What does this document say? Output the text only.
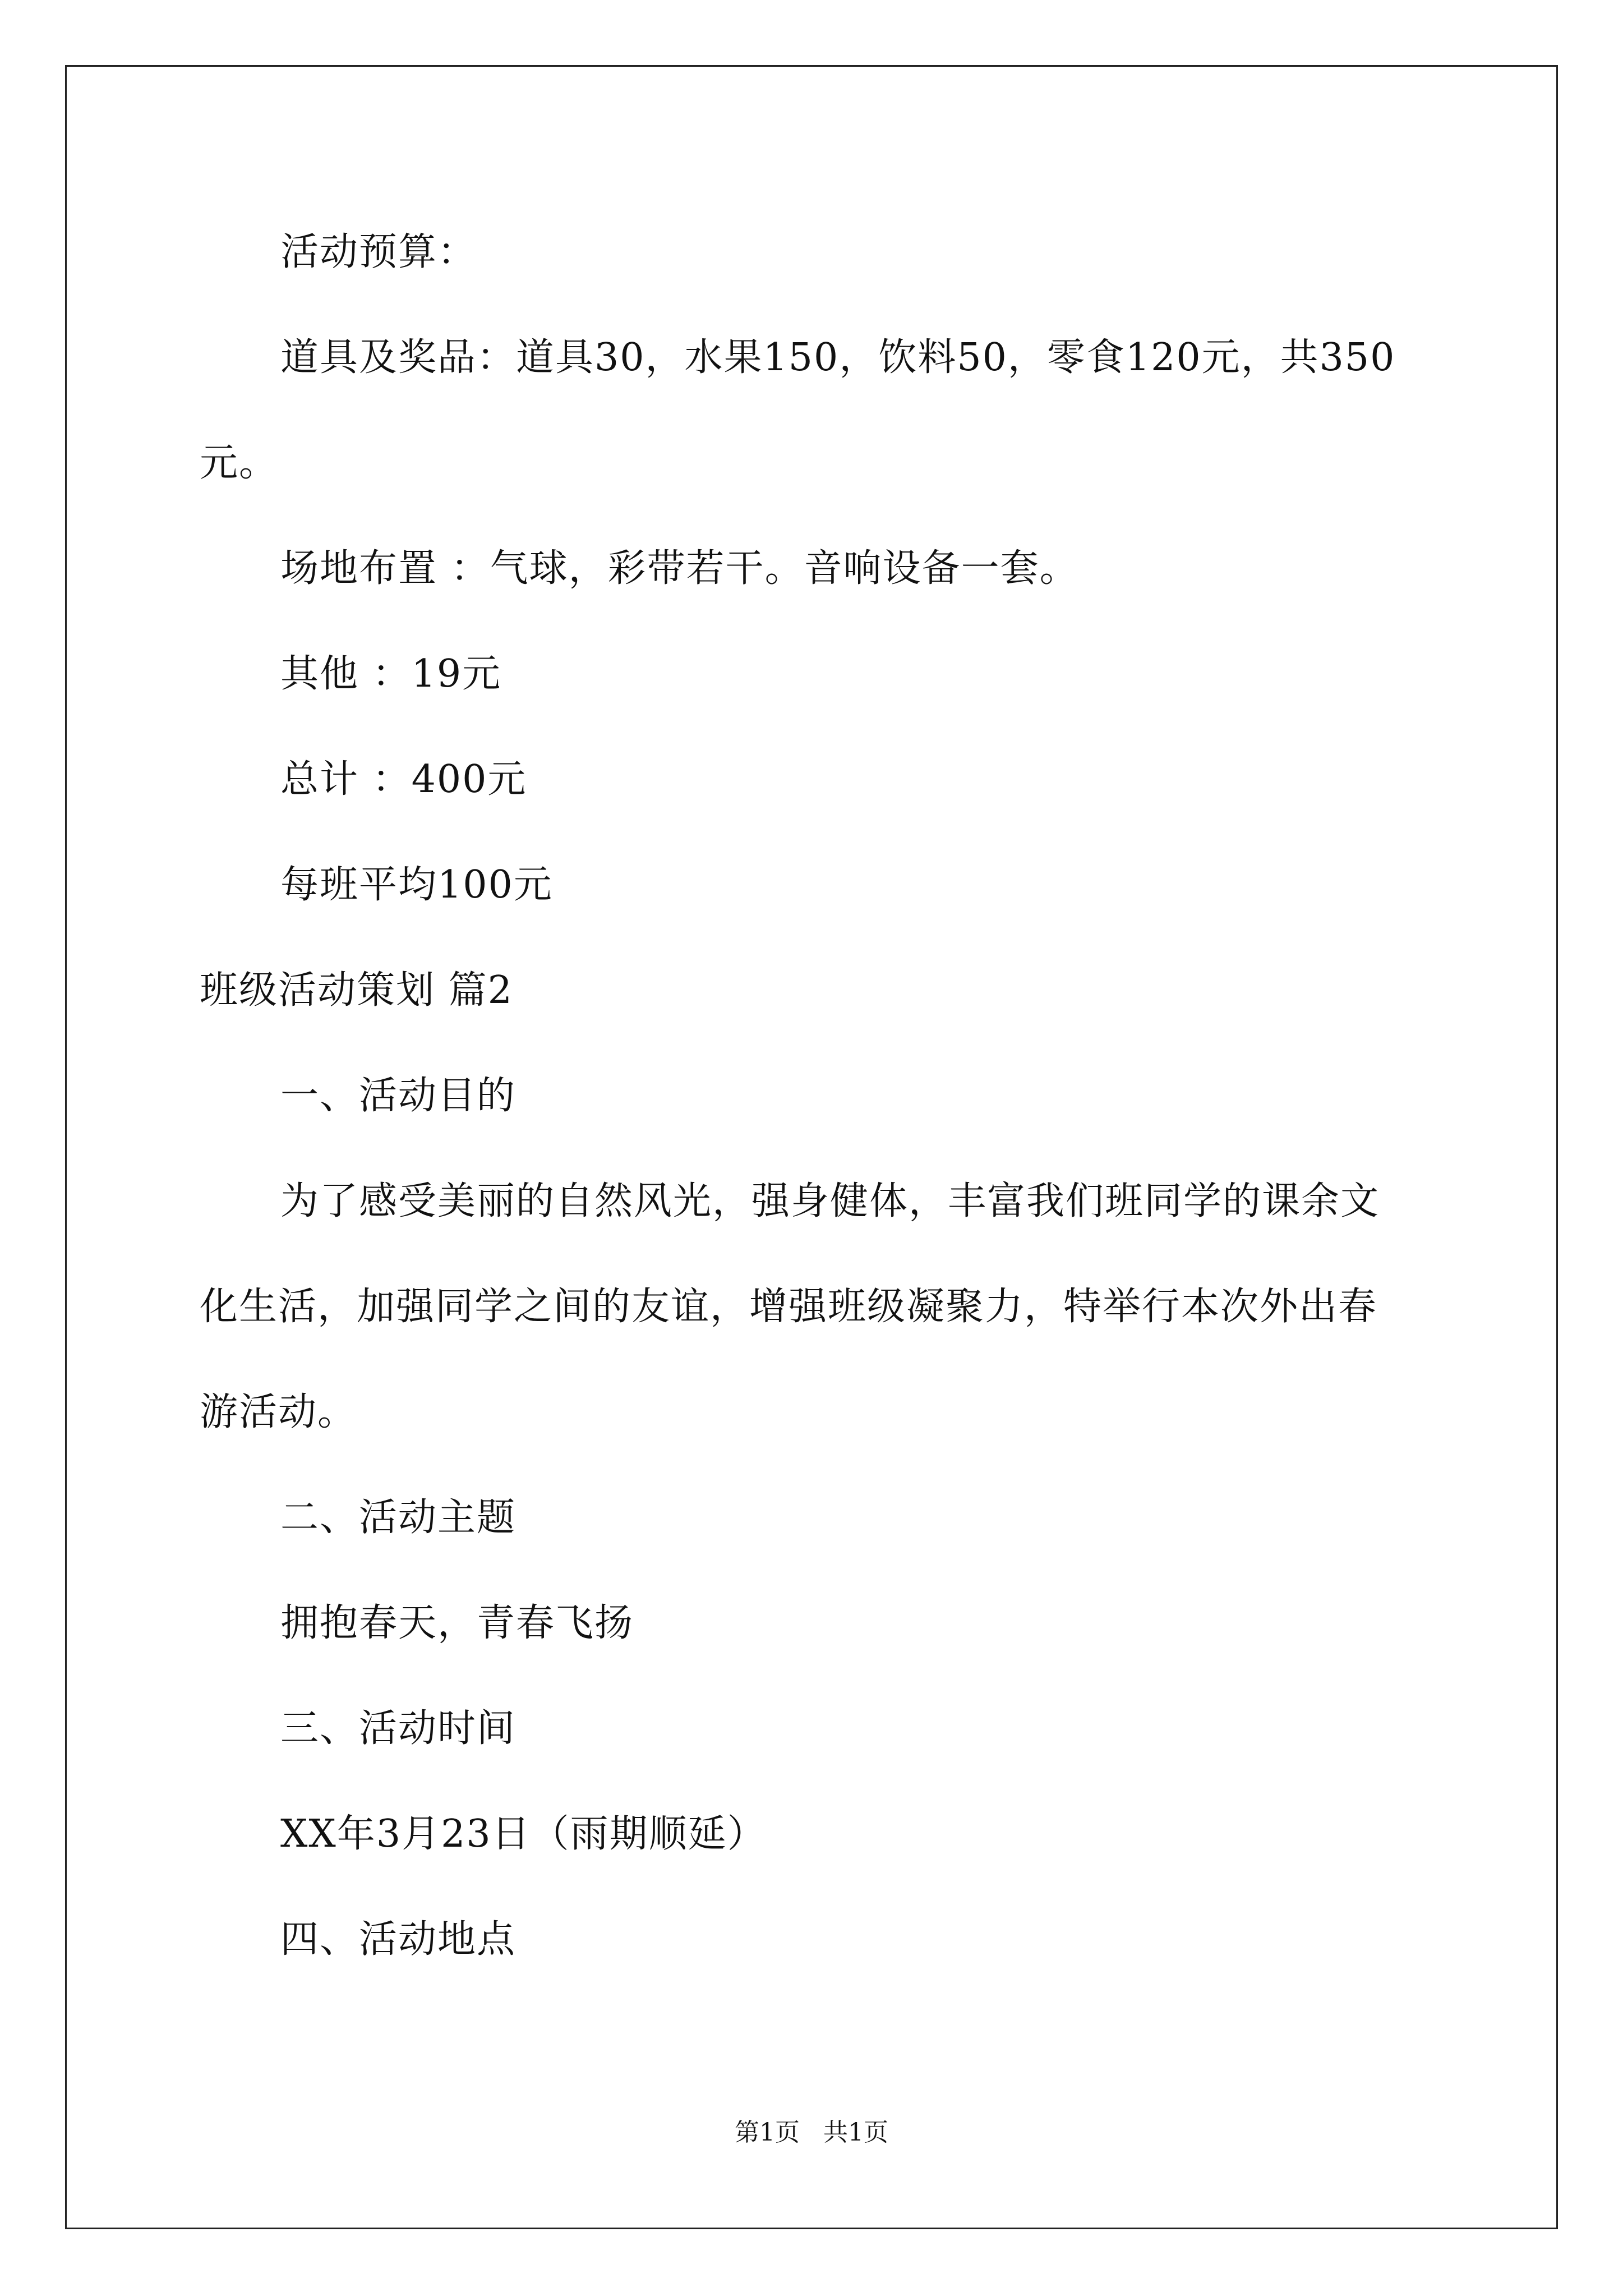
活动预算：
道具及奖品：道具30，水果150，饮料50，零食120元，共350
元。
场地布置 ：气球，彩带若干。音响设备一套。
其他 ：19元
总计 ：400元
每班平均100元
班级活动策划 篇2
一、活动目的
为了感受美丽的自然风光，强身健体，丰富我们班同学的课余文
化生活，加强同学之间的友谊，增强班级凝聚力，特举行本次外出春
游活动。
二、活动主题
拥抱春天，青春飞扬
三、活动时间
XX年3月23日（雨期顺延）
四、活动地点
第1页 共1页
